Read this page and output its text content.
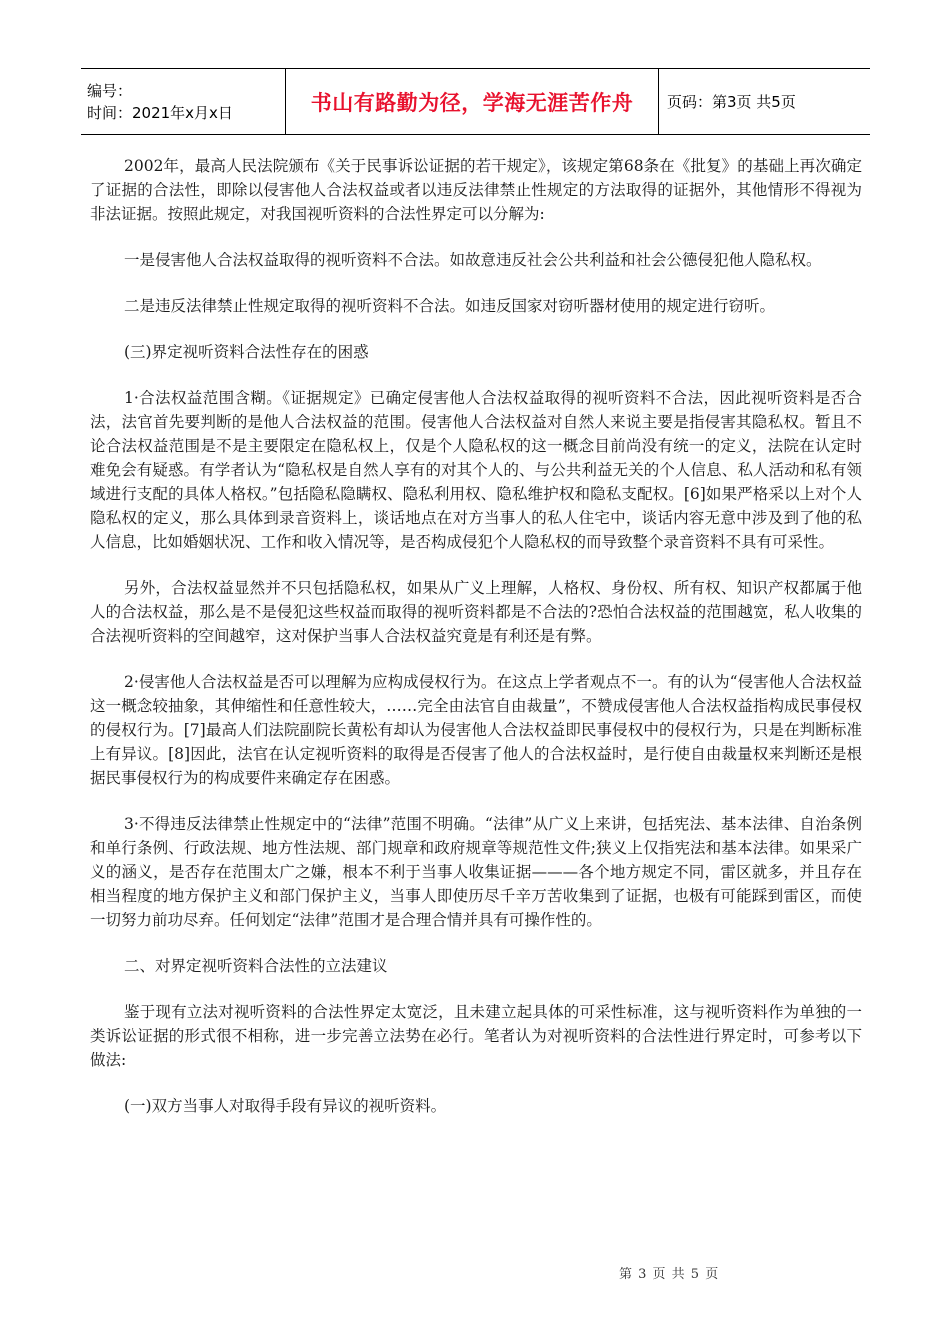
编号：
时间：2021年x月x日	书山有路勤为径，学海无涯苦作舟	页码：第3页 共5页

2002年，最高人民法院颁布《关于民事诉讼证据的若干规定》，该规定第68条在《批复》的基础上再次确定了证据的合法性，即除以侵害他人合法权益或者以违反法律禁止性规定的方法取得的证据外，其他情形不得视为非法证据。按照此规定，对我国视听资料的合法性界定可以分解为:

一是侵害他人合法权益取得的视听资料不合法。如故意违反社会公共利益和社会公德侵犯他人隐私权。

二是违反法律禁止性规定取得的视听资料不合法。如违反国家对窃听器材使用的规定进行窃听。

(三)界定视听资料合法性存在的困惑

1·合法权益范围含糊。《证据规定》已确定侵害他人合法权益取得的视听资料不合法，因此视听资料是否合法，法官首先要判断的是他人合法权益的范围。侵害他人合法权益对自然人来说主要是指侵害其隐私权。暂且不论合法权益范围是不是主要限定在隐私权上，仅是个人隐私权的这一概念目前尚没有统一的定义，法院在认定时难免会有疑惑。有学者认为“隐私权是自然人享有的对其个人的、与公共利益无关的个人信息、私人活动和私有领域进行支配的具体人格权。”包括隐私隐瞒权、隐私利用权、隐私维护权和隐私支配权。[6]如果严格采以上对个人隐私权的定义，那么具体到录音资料上，谈话地点在对方当事人的私人住宅中，谈话内容无意中涉及到了他的私人信息，比如婚姻状况、工作和收入情况等，是否构成侵犯个人隐私权的而导致整个录音资料不具有可采性。

另外，合法权益显然并不只包括隐私权，如果从广义上理解，人格权、身份权、所有权、知识产权都属于他人的合法权益，那么是不是侵犯这些权益而取得的视听资料都是不合法的?恐怕合法权益的范围越宽，私人收集的合法视听资料的空间越窄，这对保护当事人合法权益究竟是有利还是有弊。

2·侵害他人合法权益是否可以理解为应构成侵权行为。在这点上学者观点不一。有的认为“侵害他人合法权益这一概念较抽象，其伸缩性和任意性较大，……完全由法官自由裁量”，不赞成侵害他人合法权益指构成民事侵权的侵权行为。[7]最高人们法院副院长黄松有却认为侵害他人合法权益即民事侵权中的侵权行为，只是在判断标准上有异议。[8]因此，法官在认定视听资料的取得是否侵害了他人的合法权益时，是行使自由裁量权来判断还是根据民事侵权行为的构成要件来确定存在困惑。

3·不得违反法律禁止性规定中的“法律”范围不明确。“法律”从广义上来讲，包括宪法、基本法律、自治条例和单行条例、行政法规、地方性法规、部门规章和政府规章等规范性文件;狭义上仅指宪法和基本法律。如果采广义的涵义，是否存在范围太广之嫌，根本不利于当事人收集证据———各个地方规定不同，雷区就多，并且存在相当程度的地方保护主义和部门保护主义，当事人即使历尽千辛万苦收集到了证据，也极有可能踩到雷区，而使一切努力前功尽弃。任何划定“法律”范围才是合理合情并具有可操作性的。

二、对界定视听资料合法性的立法建议

鉴于现有立法对视听资料的合法性界定太宽泛，且未建立起具体的可采性标准，这与视听资料作为单独的一类诉讼证据的形式很不相称，进一步完善立法势在必行。笔者认为对视听资料的合法性进行界定时，可参考以下做法:

(一)双方当事人对取得手段有异议的视听资料。

第 3 页 共 5 页
